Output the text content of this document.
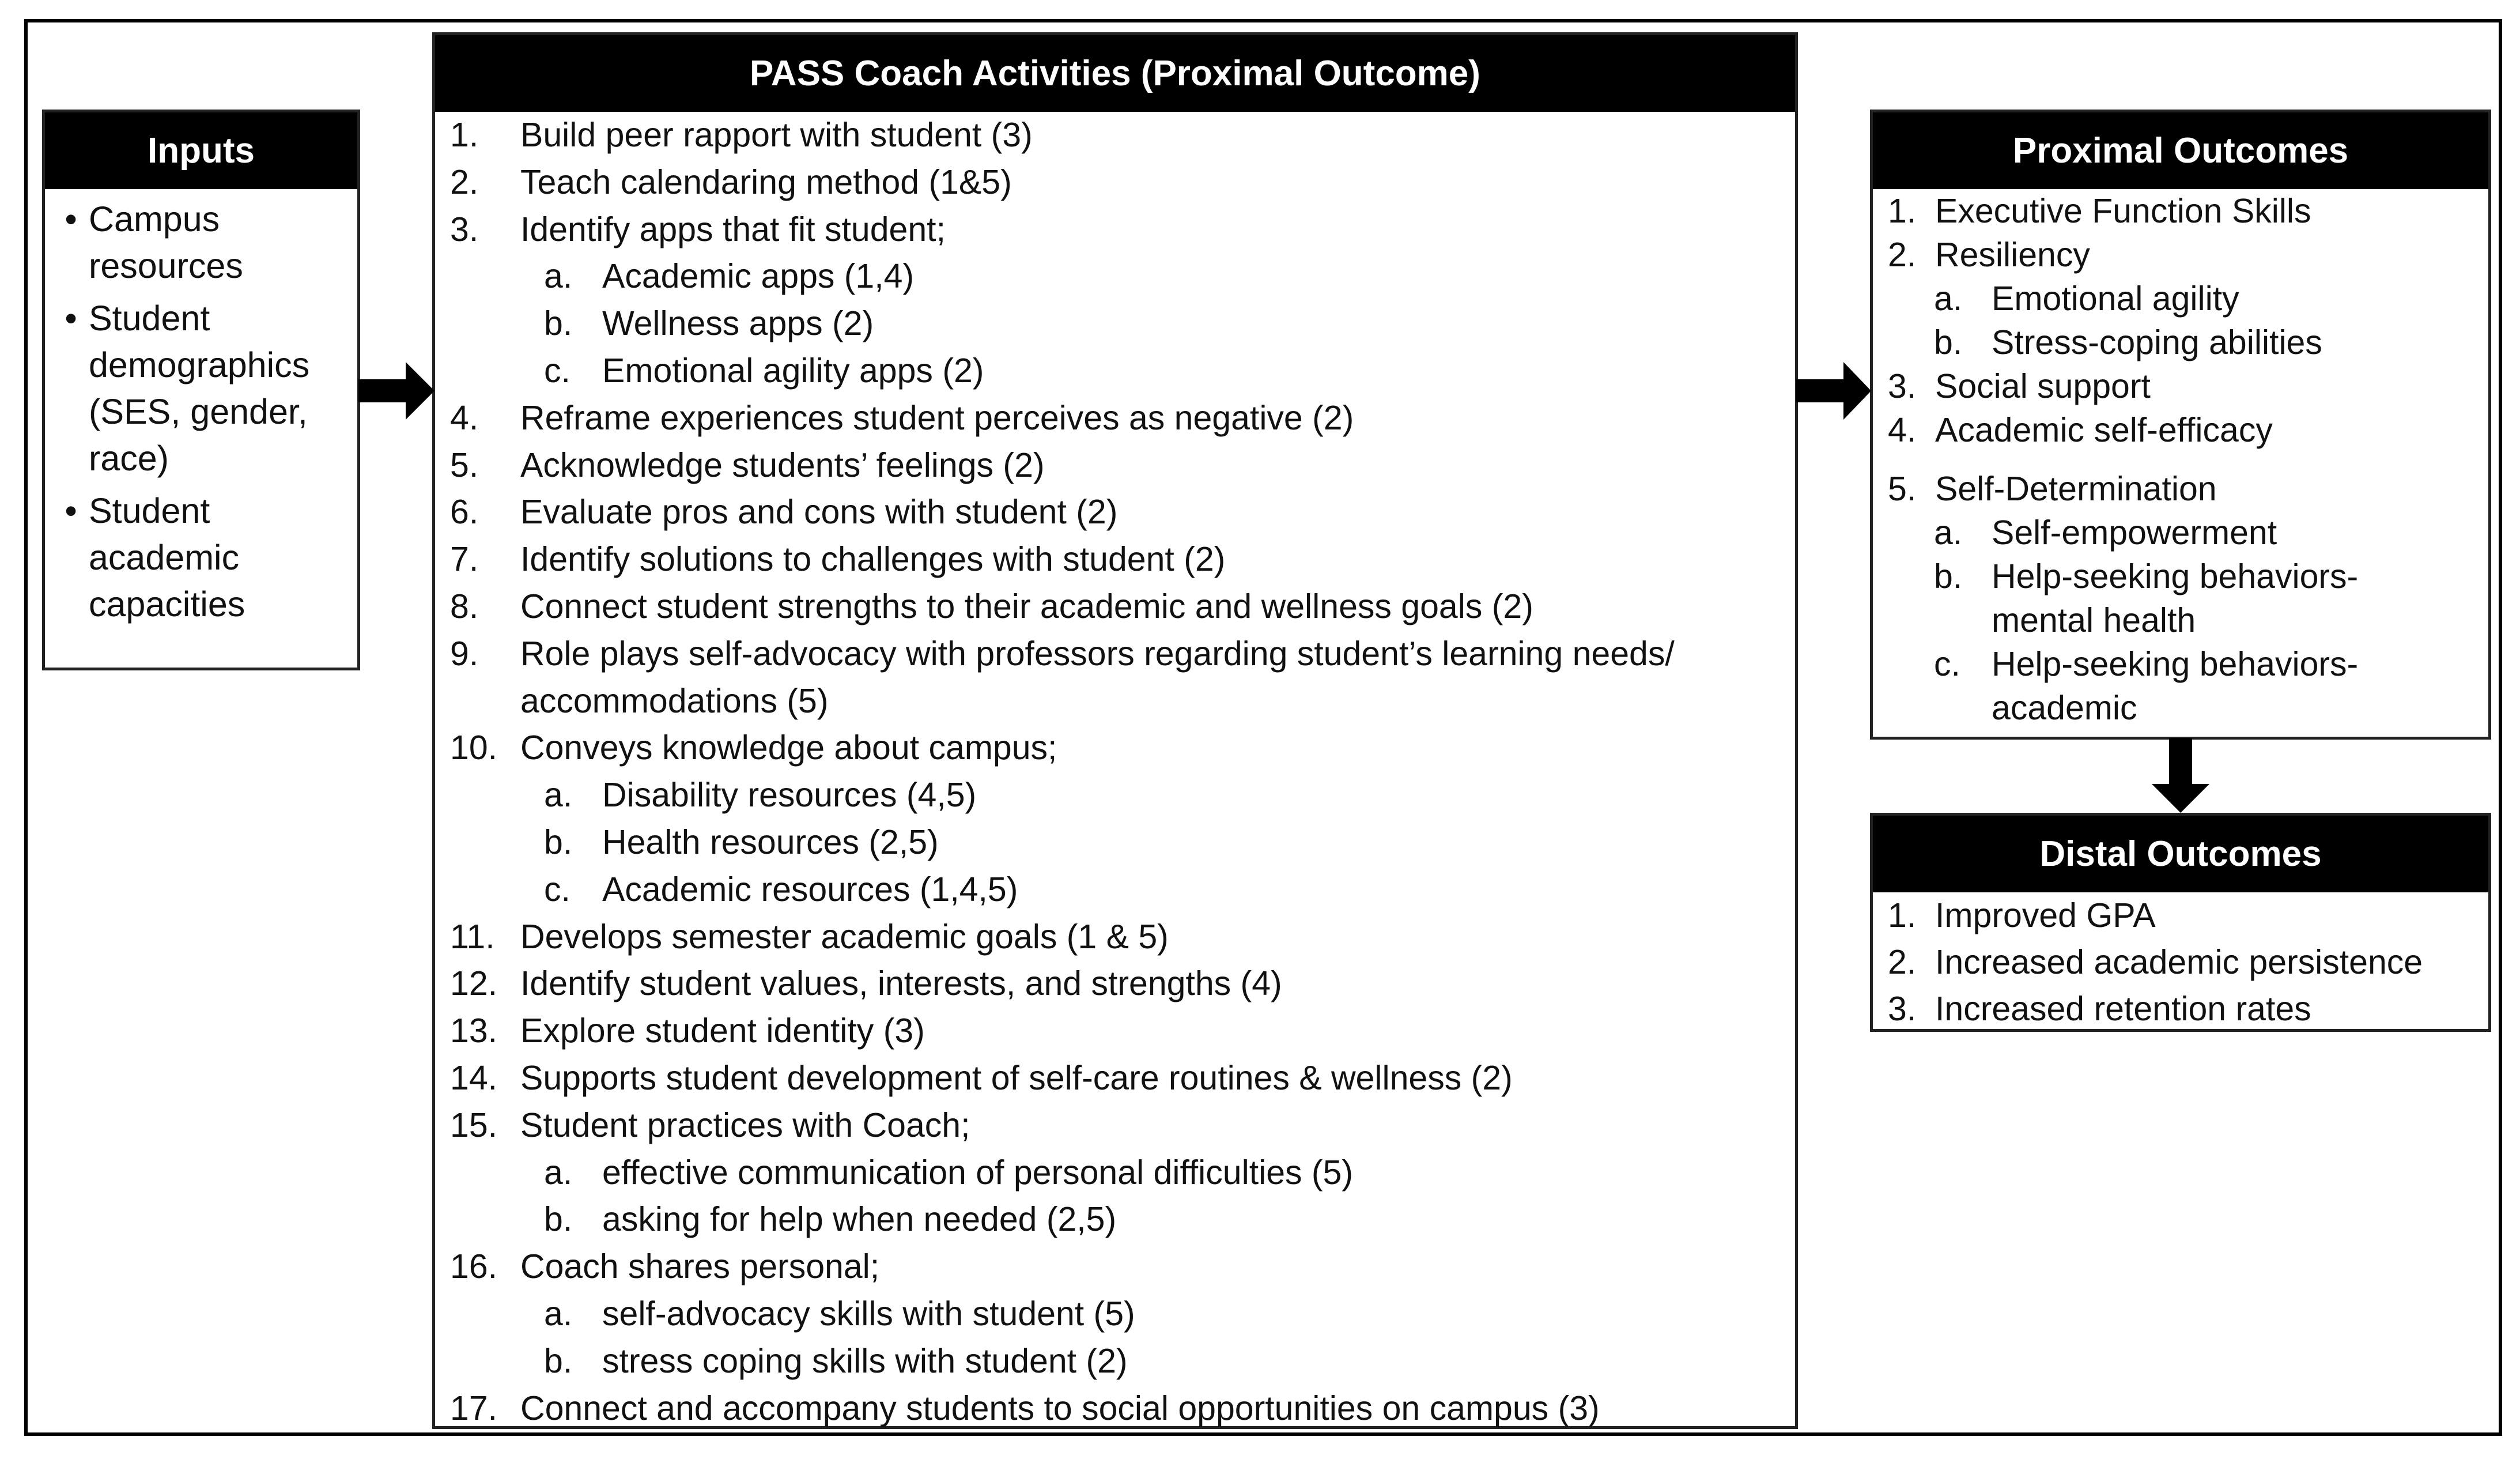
Inputs
• Campus resources
• Student demographics (SES, gender, race)
• Student academic capacities
PASS Coach Activities (Proximal Outcome)
1.	Build peer rapport with student (3)
2.	Teach calendaring method (1&5)
3.	Identify apps that fit student;
a. Academic apps (1,4)
b. Wellness apps (2)
c. Emotional agility apps (2)
4.	Reframe experiences student perceives as negative (2)
5.	Acknowledge students’ feelings (2)
6.	Evaluate pros and cons with student (2)
7.	Identify solutions to challenges with student (2)
8.	Connect student strengths to their academic and wellness goals (2)
9.	Role plays self-advocacy with professors regarding student’s learning needs/
accommodations (5)
10. Conveys knowledge about campus;
a. Disability resources (4,5)
b. Health resources (2,5)
c. Academic resources (1,4,5)
11. Develops semester academic goals (1 & 5)
12. Identify student values, interests, and strengths (4)
13. Explore student identity (3)
14. Supports student development of self-care routines & wellness (2)
15. Student practices with Coach;
a. effective communication of personal difficulties (5)
b. asking for help when needed (2,5)
16. Coach shares personal;
a. self-advocacy skills with student (5)
b. stress coping skills with student (2)
17. Connect and accompany students to social opportunities on campus (3)
Proximal Outcomes
1. Executive Function Skills
2. Resiliency
a. Emotional agility
b. Stress-coping abilities
3. Social support
4. Academic self-efficacy
5. Self-Determination
a. Self-empowerment
b. Help-seeking behaviors-
mental health
c. Help-seeking behaviors-
academic
Distal Outcomes
1. Improved GPA
2. Increased academic persistence
3. Increased retention rates
